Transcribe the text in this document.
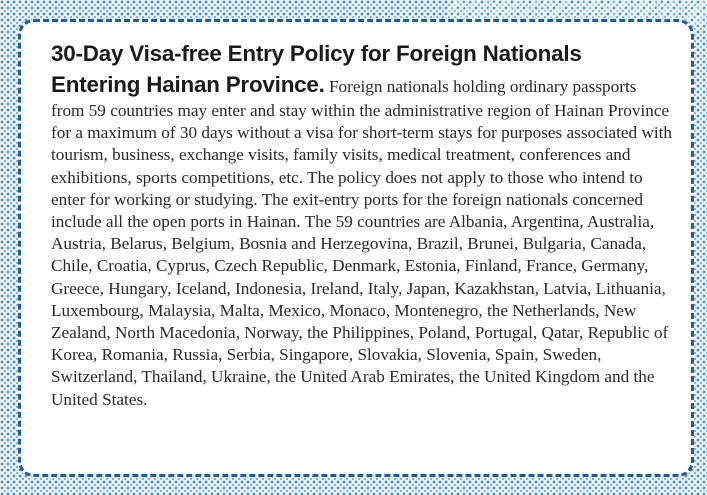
30-Day Visa-free Entry Policy for Foreign Nationals Entering Hainan Province. Foreign nationals holding ordinary passports from 59 countries may enter and stay within the administrative region of Hainan Province for a maximum of 30 days without a visa for short-term stays for purposes associated with tourism, business, exchange visits, family visits, medical treatment, conferences and exhibitions, sports competitions, etc. The policy does not apply to those who intend to enter for working or studying. The exit-entry ports for the foreign nationals concerned include all the open ports in Hainan. The 59 countries are Albania, Argentina, Australia, Austria, Belarus, Belgium, Bosnia and Herzegovina, Brazil, Brunei, Bulgaria, Canada, Chile, Croatia, Cyprus, Czech Republic, Denmark, Estonia, Finland, France, Germany, Greece, Hungary, Iceland, Indonesia, Ireland, Italy, Japan, Kazakhstan, Latvia, Lithuania, Luxembourg, Malaysia, Malta, Mexico, Monaco, Montenegro, the Netherlands, New Zealand, North Macedonia, Norway, the Philippines, Poland, Portugal, Qatar, Republic of Korea, Romania, Russia, Serbia, Singapore, Slovakia, Slovenia, Spain, Sweden, Switzerland, Thailand, Ukraine, the United Arab Emirates, the United Kingdom and the United States.
